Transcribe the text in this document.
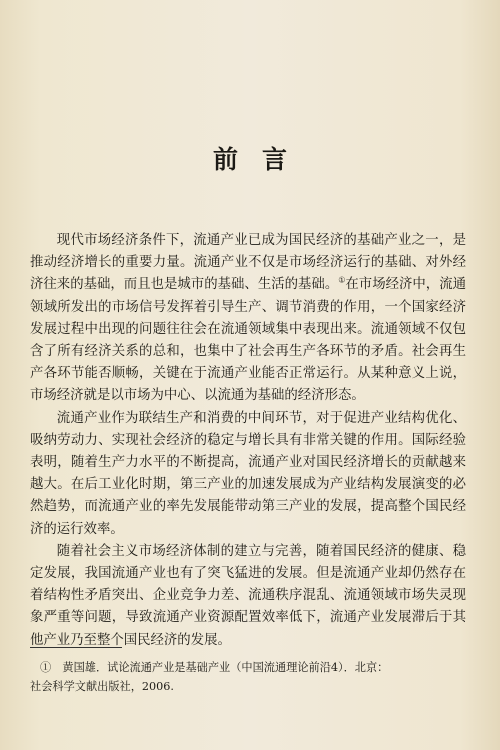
前言

现代市场经济条件下，流通产业已成为国民经济的基础产业之一，是推动经济增长的重要力量。流通产业不仅是市场经济运行的基础、对外经济往来的基础，而且也是城市的基础、生活的基础。①在市场经济中，流通领域所发出的市场信号发挥着引导生产、调节消费的作用，一个国家经济发展过程中出现的问题往往会在流通领域集中表现出来。流通领域不仅包含了所有经济关系的总和，也集中了社会再生产各环节的矛盾。社会再生产各环节能否顺畅，关键在于流通产业能否正常运行。从某种意义上说，市场经济就是以市场为中心、以流通为基础的经济形态。

流通产业作为联结生产和消费的中间环节，对于促进产业结构优化、吸纳劳动力、实现社会经济的稳定与增长具有非常关键的作用。国际经验表明，随着生产力水平的不断提高，流通产业对国民经济增长的贡献越来越大。在后工业化时期，第三产业的加速发展成为产业结构发展演变的必然趋势，而流通产业的率先发展能带动第三产业的发展，提高整个国民经济的运行效率。

随着社会主义市场经济体制的建立与完善，随着国民经济的健康、稳定发展，我国流通产业也有了突飞猛进的发展。但是流通产业却仍然存在着结构性矛盾突出、企业竞争力差、流通秩序混乱、流通领域市场失灵现象严重等问题，导致流通产业资源配置效率低下，流通产业发展滞后于其他产业乃至整个国民经济的发展。

①　黄国雄．试论流通产业是基础产业（中国流通理论前沿4）．北京：
社会科学文献出版社，2006.
